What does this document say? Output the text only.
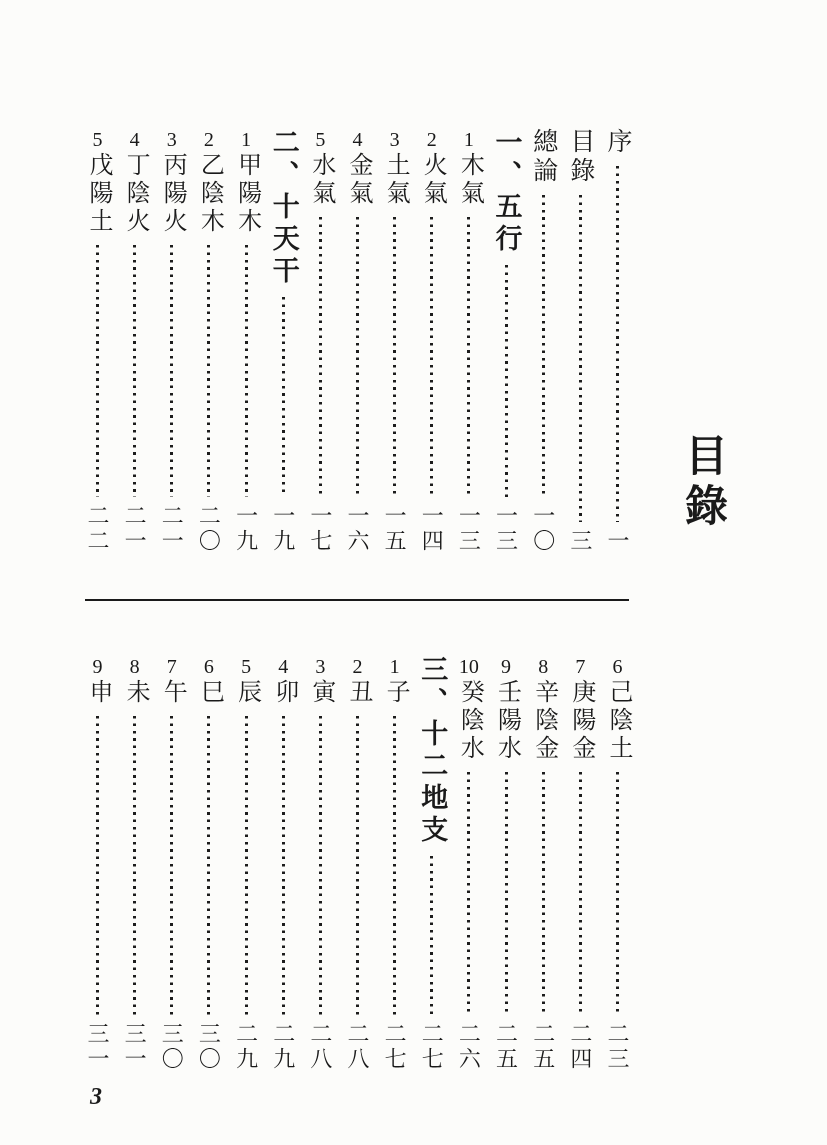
目錄
序
一
目錄
三
總論
一〇
一、五行
一三
1
木氣
一三
2
火氣
一四
3
土氣
一五
4
金氣
一六
5
水氣
一七
二、十天干
一九
1
甲陽木
一九
2
乙陰木
二〇
3
丙陽火
二一
4
丁陰火
二一
5
戊陽土
二二
6
己陰土
二三
7
庚陽金
二四
8
辛陰金
二五
9
壬陽水
二五
10
癸陰水
二六
三、十二地支
二七
1
子
二七
2
丑
二八
3
寅
二八
4
卯
二九
5
辰
二九
6
巳
三〇
7
午
三〇
8
未
三一
9
申
三一
3
